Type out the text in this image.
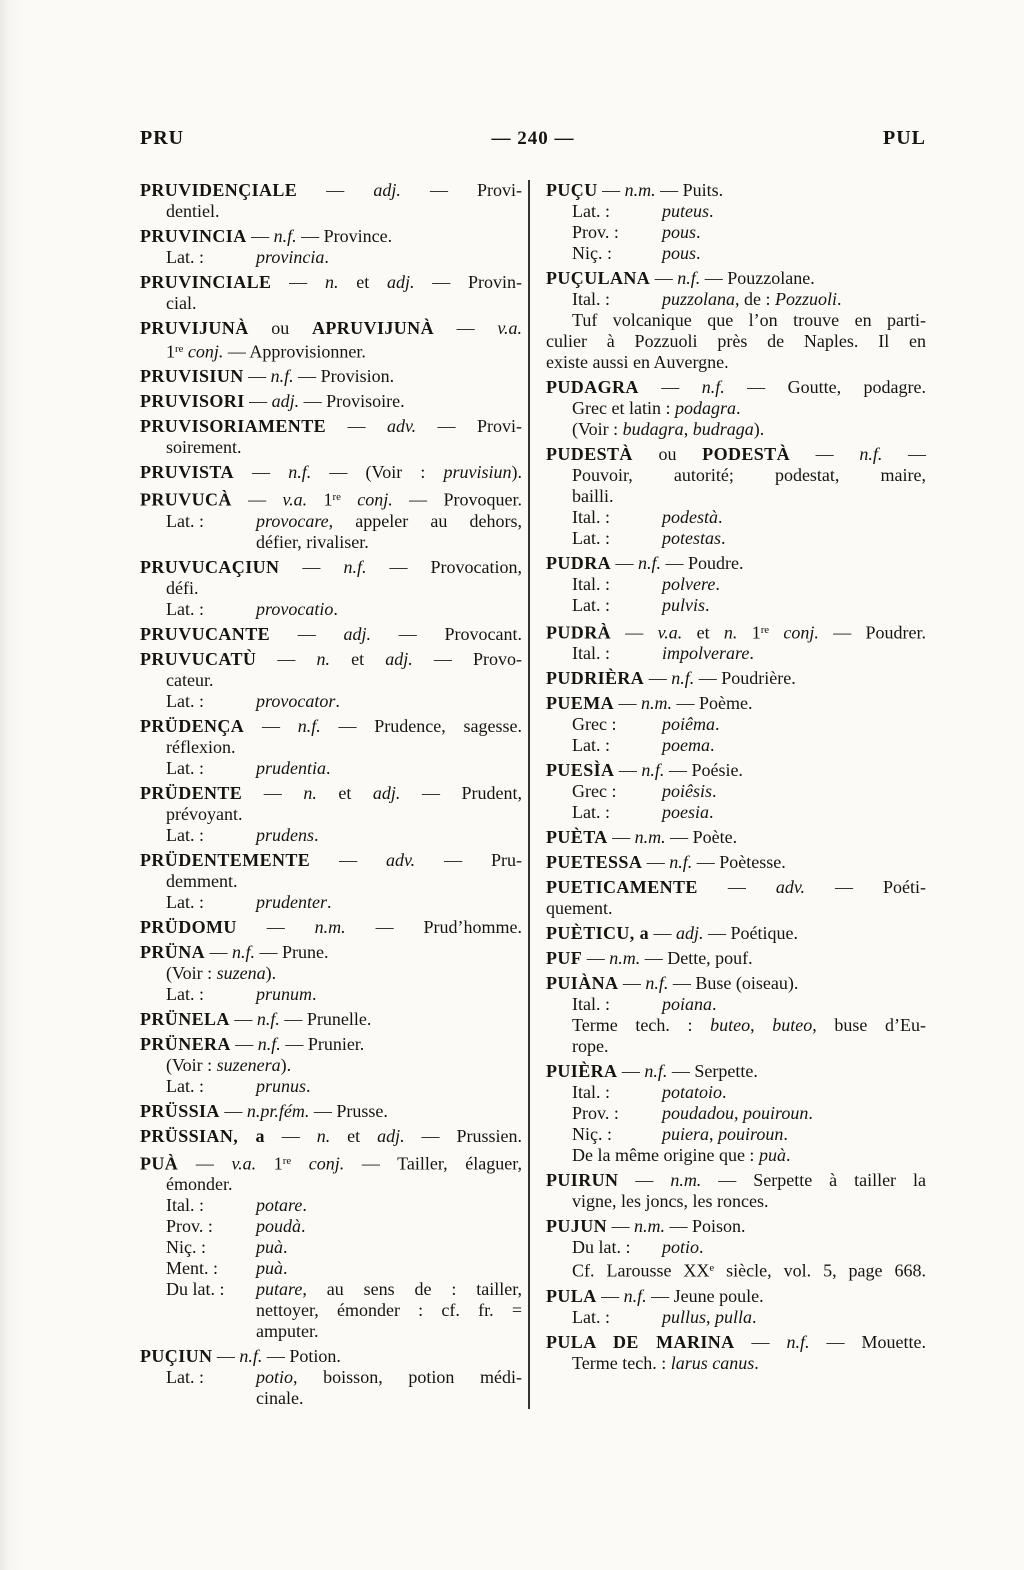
PRU	— 240 —	PUL
PRUVIDENÇIALE — adj. — Provi-
dentiel.
PRUVINCIA — n.f. — Province.
Lat. :	provincia.
PRUVINCIALE — n. et adj. — Provin-
cial.
PRUVIJUNÀ ou APRUVIJUNÀ — v.a.
1re conj. — Approvisionner.
PRUVISIUN — n.f. — Provision.
PRUVISORI — adj. — Provisoire.
PRUVISORIAMENTE — adv. — Provi-
soirement.
PRUVISTA — n.f. — (Voir : pruvisiun).
PRUVUCÀ — v.a. 1re conj. — Provoquer.
Lat. :	provocare, appeler au dehors,
défier, rivaliser.
PRUVUCAÇIUN — n.f. — Provocation,
défi.
Lat. :	provocatio.
PRUVUCANTE — adj. — Provocant.
PRUVUCATÙ — n. et adj. — Provo-
cateur.
Lat. :	provocator.
PRÜDENÇA — n.f. — Prudence, sagesse.
réflexion.
Lat. :	prudentia.
PRÜDENTE — n. et adj. — Prudent,
prévoyant.
Lat. :	prudens.
PRÜDENTEMENTE — adv. — Pru-
demment.
Lat. :	prudenter.
PRÜDOMU — n.m. — Prud’homme.
PRÜNA — n.f. — Prune.
(Voir : suzena).
Lat. :	prunum.
PRÜNELA — n.f. — Prunelle.
PRÜNERA — n.f. — Prunier.
(Voir : suzenera).
Lat. :	prunus.
PRÜSSIA — n.pr.fém. — Prusse.
PRÜSSIAN, a — n. et adj. — Prussien.
PUÀ — v.a. 1re conj. — Tailler, élaguer,
émonder.
Ital. :	potare.
Prov. : poudà.
Niç. :	puà.
Ment. : puà.
Du lat. : putare, au sens de : tailler,
nettoyer, émonder : cf. fr. =
amputer.
PUÇIUN — n.f. — Potion.
Lat. :	potio, boisson, potion médi-
cinale.
PUÇU — n.m. — Puits.
Lat. :	puteus.
Prov. : pous.
Niç. :	pous.
PUÇULANA — n.f. — Pouzzolane.
Ital. :	puzzolana, de : Pozzuoli.
Tuf volcanique que l’on trouve en parti-
culier à Pozzuoli près de Naples. Il en
existe aussi en Auvergne.
PUDAGRA — n.f. — Goutte, podagre.
Grec et latin : podagra.
(Voir : budagra, budraga).
PUDESTÀ ou PODESTÀ — n.f. —
Pouvoir, autorité; podestat, maire,
bailli.
Ital. :	podestà.
Lat. :	potestas.
PUDRA — n.f. — Poudre.
Ital. :	polvere.
Lat. :	pulvis.
PUDRÀ — v.a. et n. 1re conj. — Poudrer.
Ital. :	impolverare.
PUDRIÈRA — n.f. — Poudrière.
PUEMA — n.m. — Poème.
Grec :	poiêma.
Lat. :	poema.
PUESÌA — n.f. — Poésie.
Grec :	poiêsis.
Lat. :	poesia.
PUÈTA — n.m. — Poète.
PUETESSA — n.f. — Poètesse.
PUETICAMENTE — adv. — Poéti-
quement.
PUÈTICU, a — adj. — Poétique.
PUF — n.m. — Dette, pouf.
PUIÀNA — n.f. — Buse (oiseau).
Ital. :	poiana.
Terme tech. : buteo, buteo, buse d’Eu-
rope.
PUIÈRA — n.f. — Serpette.
Ital. :	potatoio.
Prov. : poudadou, pouiroun.
Niç. :	puiera, pouiroun.
De la même origine que : puà.
PUIRUN — n.m. — Serpette à tailler la
vigne, les joncs, les ronces.
PUJUN — n.m. — Poison.
Du lat. : potio.
Cf. Larousse XXe siècle, vol. 5, page 668.
PULA — n.f. — Jeune poule.
Lat. :	pullus, pulla.
PULA DE MARINA — n.f. — Mouette.
Terme tech. : larus canus.
